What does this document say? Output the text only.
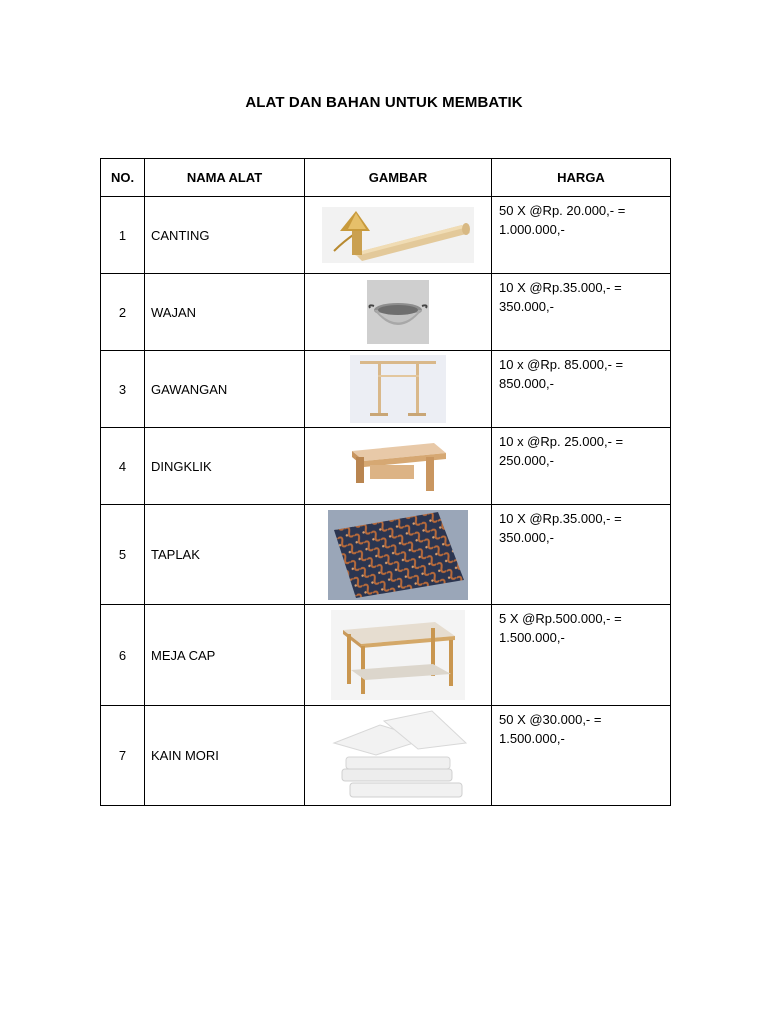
ALAT DAN BAHAN UNTUK MEMBATIK
NO.	NAMA ALAT	GAMBAR	HARGA
1	CANTING		50 X @Rp. 20.000,- =
1.000.000,-

2	WAJAN		10 X @Rp.35.000,- =
350.000,-

3	GAWANGAN		10 x @Rp. 85.000,- =
850.000,-

4	DINGKLIK		10 x @Rp. 25.000,- =
250.000,-

5	TAPLAK		10 X @Rp.35.000,- =
350.000,-

6	MEJA CAP		5 X @Rp.500.000,- =
1.500.000,-

7	KAIN MORI		50 X @30.000,- =
1.500.000,-
